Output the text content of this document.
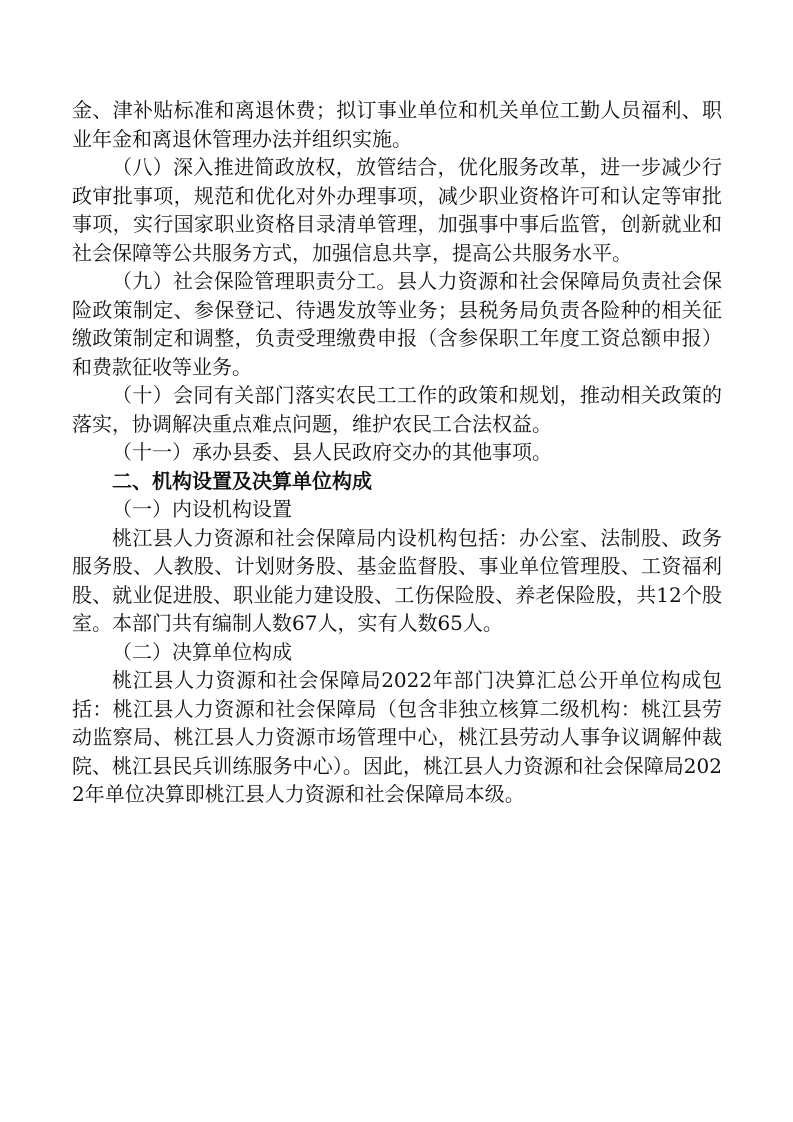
金、津补贴标准和离退休费；拟订事业单位和机关单位工勤人员福利、职业年金和离退休管理办法并组织实施。

（八）深入推进简政放权，放管结合，优化服务改革，进一步减少行政审批事项，规范和优化对外办理事项，减少职业资格许可和认定等审批事项，实行国家职业资格目录清单管理，加强事中事后监管，创新就业和社会保障等公共服务方式，加强信息共享，提高公共服务水平。

（九）社会保险管理职责分工。县人力资源和社会保障局负责社会保险政策制定、参保登记、待遇发放等业务；县税务局负责各险种的相关征缴政策制定和调整，负责受理缴费申报（含参保职工年度工资总额申报）和费款征收等业务。

（十）会同有关部门落实农民工工作的政策和规划，推动相关政策的落实，协调解决重点难点问题，维护农民工合法权益。

（十一）承办县委、县人民政府交办的其他事项。

二、机构设置及决算单位构成

（一）内设机构设置

桃江县人力资源和社会保障局内设机构包括：办公室、法制股、政务服务股、人教股、计划财务股、基金监督股、事业单位管理股、工资福利股、就业促进股、职业能力建设股、工伤保险股、养老保险股，共12个股室。本部门共有编制人数67人，实有人数65人。

（二）决算单位构成

桃江县人力资源和社会保障局2022年部门决算汇总公开单位构成包括：桃江县人力资源和社会保障局（包含非独立核算二级机构：桃江县劳动监察局、桃江县人力资源市场管理中心，桃江县劳动人事争议调解仲裁院、桃江县民兵训练服务中心）。因此，桃江县人力资源和社会保障局2022年单位决算即桃江县人力资源和社会保障局本级。
